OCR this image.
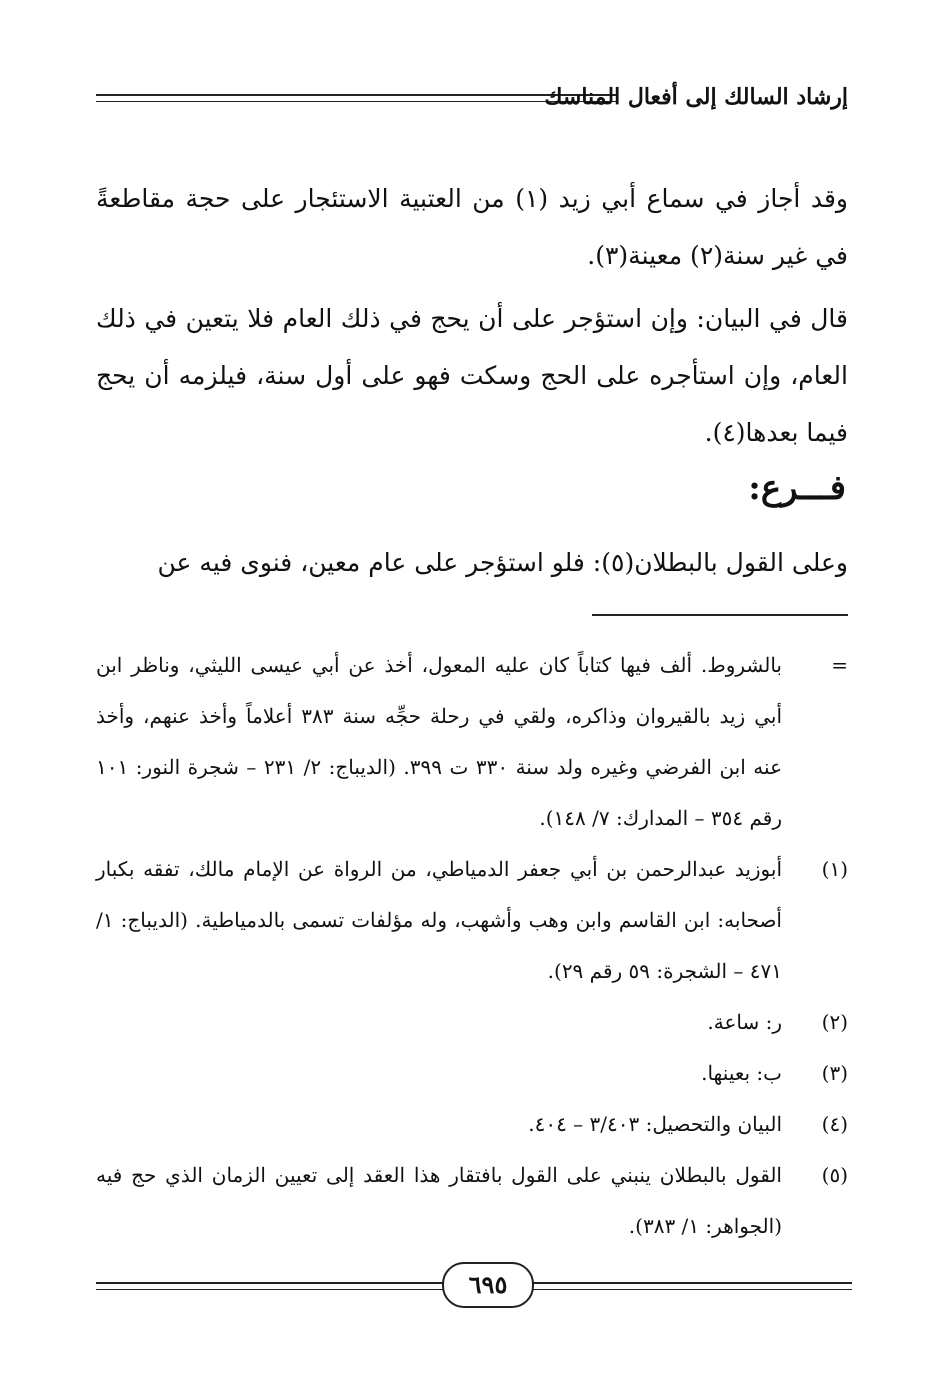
إرشاد السالك إلى أفعال المناسك
وقد أجاز في سماع أبي زيد (١) من العتبية الاستئجار على حجة مقاطعةً في غير سنة(٢) معينة(٣).
قال في البيان: وإن استؤجر على أن يحج في ذلك العام فلا يتعين في ذلك العام، وإن استأجره على الحج وسكت فهو على أول سنة، فيلزمه أن يحج فيما بعدها(٤).
فـــرع:
وعلى القول بالبطلان(٥): فلو استؤجر على عام معين، فنوى فيه عن
=
بالشروط. ألف فيها كتاباً كان عليه المعول، أخذ عن أبي عيسى الليثي، وناظر ابن أبي زيد بالقيروان وذاكره، ولقي في رحلة حجِّه سنة ٣٨٣ أعلاماً وأخذ عنهم، وأخذ عنه ابن الفرضي وغيره ولد سنة ٣٣٠ ت ٣٩٩. (الديباج: ٢/ ٢٣١ – شجرة النور: ١٠١ رقم ٣٥٤ – المدارك: ٧/ ١٤٨).
(١)
أبوزيد عبدالرحمن بن أبي جعفر الدمياطي، من الرواة عن الإمام مالك، تفقه بكبار أصحابه: ابن القاسم وابن وهب وأشهب، وله مؤلفات تسمى بالدمياطية. (الديباج: ١/ ٤٧١ – الشجرة: ٥٩ رقم ٢٩).
(٢)
ر: ساعة.
(٣)
ب: بعينها.
(٤)
البيان والتحصيل: ٣/٤٠٣ – ٤٠٤.
(٥)
القول بالبطلان ينبني على القول بافتقار هذا العقد إلى تعيين الزمان الذي حج فيه (الجواهر: ١/ ٣٨٣).
٦٩٥
